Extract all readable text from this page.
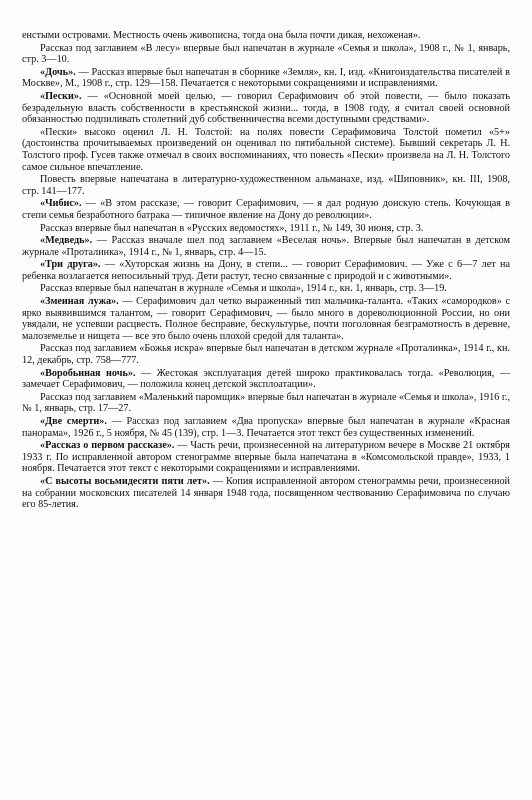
енстыми островами. Местность очень живописна, тогда она была почти дикая, нехоженая».

Рассказ под заглавием «В лесу» впервые был напечатан в журнале «Семья и школа», 1908 г., № 1, январь, стр. 3—10.

«Дочь». — Рассказ впервые был напечатан в сборнике «Земля», кн. I, изд. «Книгоиздательства писателей в Москве», М., 1908 г., стр. 129—158. Печатается с некоторыми сокращениями и исправлениями.

«Пески». — «Основной моей целью, — говорил Серафимович об этой повести, — было показать безрадельную власть собственности в крестьянской жизни... тогда, в 1908 году, я считал своей основной обязанностью подпиливать столетний дуб собственничества всеми доступными средствами».

«Пески» высоко оценил Л. Н. Толстой: на полях повести Серафимовича Толстой пометил «5+» (достоинства прочитываемых произведений он оценивал по пятибальной системе). Бывший секретарь Л. Н. Толстого проф. Гусев также отмечал в своих воспоминаниях, что повесть «Пески» произвела на Л. Н. Толстого самое сильное впечатление.

Повесть впервые напечатана в литературно-художественном альманахе, изд. «Шиповник», кн. III, 1908, стр. 141—177.

«Чибис». — «В этом рассказе, — говорит Серафимович, — я дал родную донскую степь. Кочующая в степи семья безработного батрака — типичное явление на Дону до революции».

Рассказ впервые был напечатан в «Русских ведомостях», 1911 г., № 149, 30 июня, стр. 3.

«Медведь». — Рассказ вначале шел под заглавием «Веселая ночь». Впервые был напечатан в детском журнале «Проталинка», 1914 г., № 1, январь, стр. 4—15.

«Три друга». — «Хуторская жизнь на Дону, в степи... — говорит Серафимович. — Уже с 6—7 лет на ребенка возлагается непосильный труд. Дети растут, тесно связанные с природой и с животными».

Рассказ впервые был напечатан в журнале «Семья и школа», 1914 г., кн. 1, январь, стр. 3—19.

«Змеиная лужа». — Серафимович дал четко выраженный тип мальчика-таланта. «Таких «самородков» с ярко выявившимся талантом, — говорит Серафимович, — было много в дореволюционной России, но они увядали, не успевши расцвесть. Полное бесправие, бескультурье, почти поголовная безграмотность в деревне, малоземелье и нищета — все это было очень плохой средой для таланта».

Рассказ под заглавием «Божья искра» впервые был напечатан в детском журнале «Проталинка», 1914 г., кн. 12, декабрь, стр. 758—777.

«Воробьиная ночь». — Жестокая эксплуатация детей широко практиковалась тогда. «Революция, — замечает Серафимович, — положила конец детской эксплоатации».

Рассказ под заглавием «Маленький паромщик» впервые был напечатан в журнале «Семья и школа», 1916 г., № 1, январь, стр. 17—27.

«Две смерти». — Рассказ под заглавием «Два пропуска» впервые был напечатан в журнале «Красная панорама», 1926 г., 5 ноября, № 45 (139), стр. 1—3. Печатается этот текст без существенных изменений.

«Рассказ о первом рассказе». — Часть речи, произнесенной на литературном вечере в Москве 21 октября 1933 г. По исправленной автором стенограмме впервые была напечатана в «Комсомольской правде», 1933, 1 ноября. Печатается этот текст с некоторыми сокращениями и исправлениями.

«С высоты восьмидесяти пяти лет». — Копия исправленной автором стенограммы речи, произнесенной на собрании московских писателей 14 января 1948 года, посвященном чествованию Серафимовича по случаю его 85-летия.
